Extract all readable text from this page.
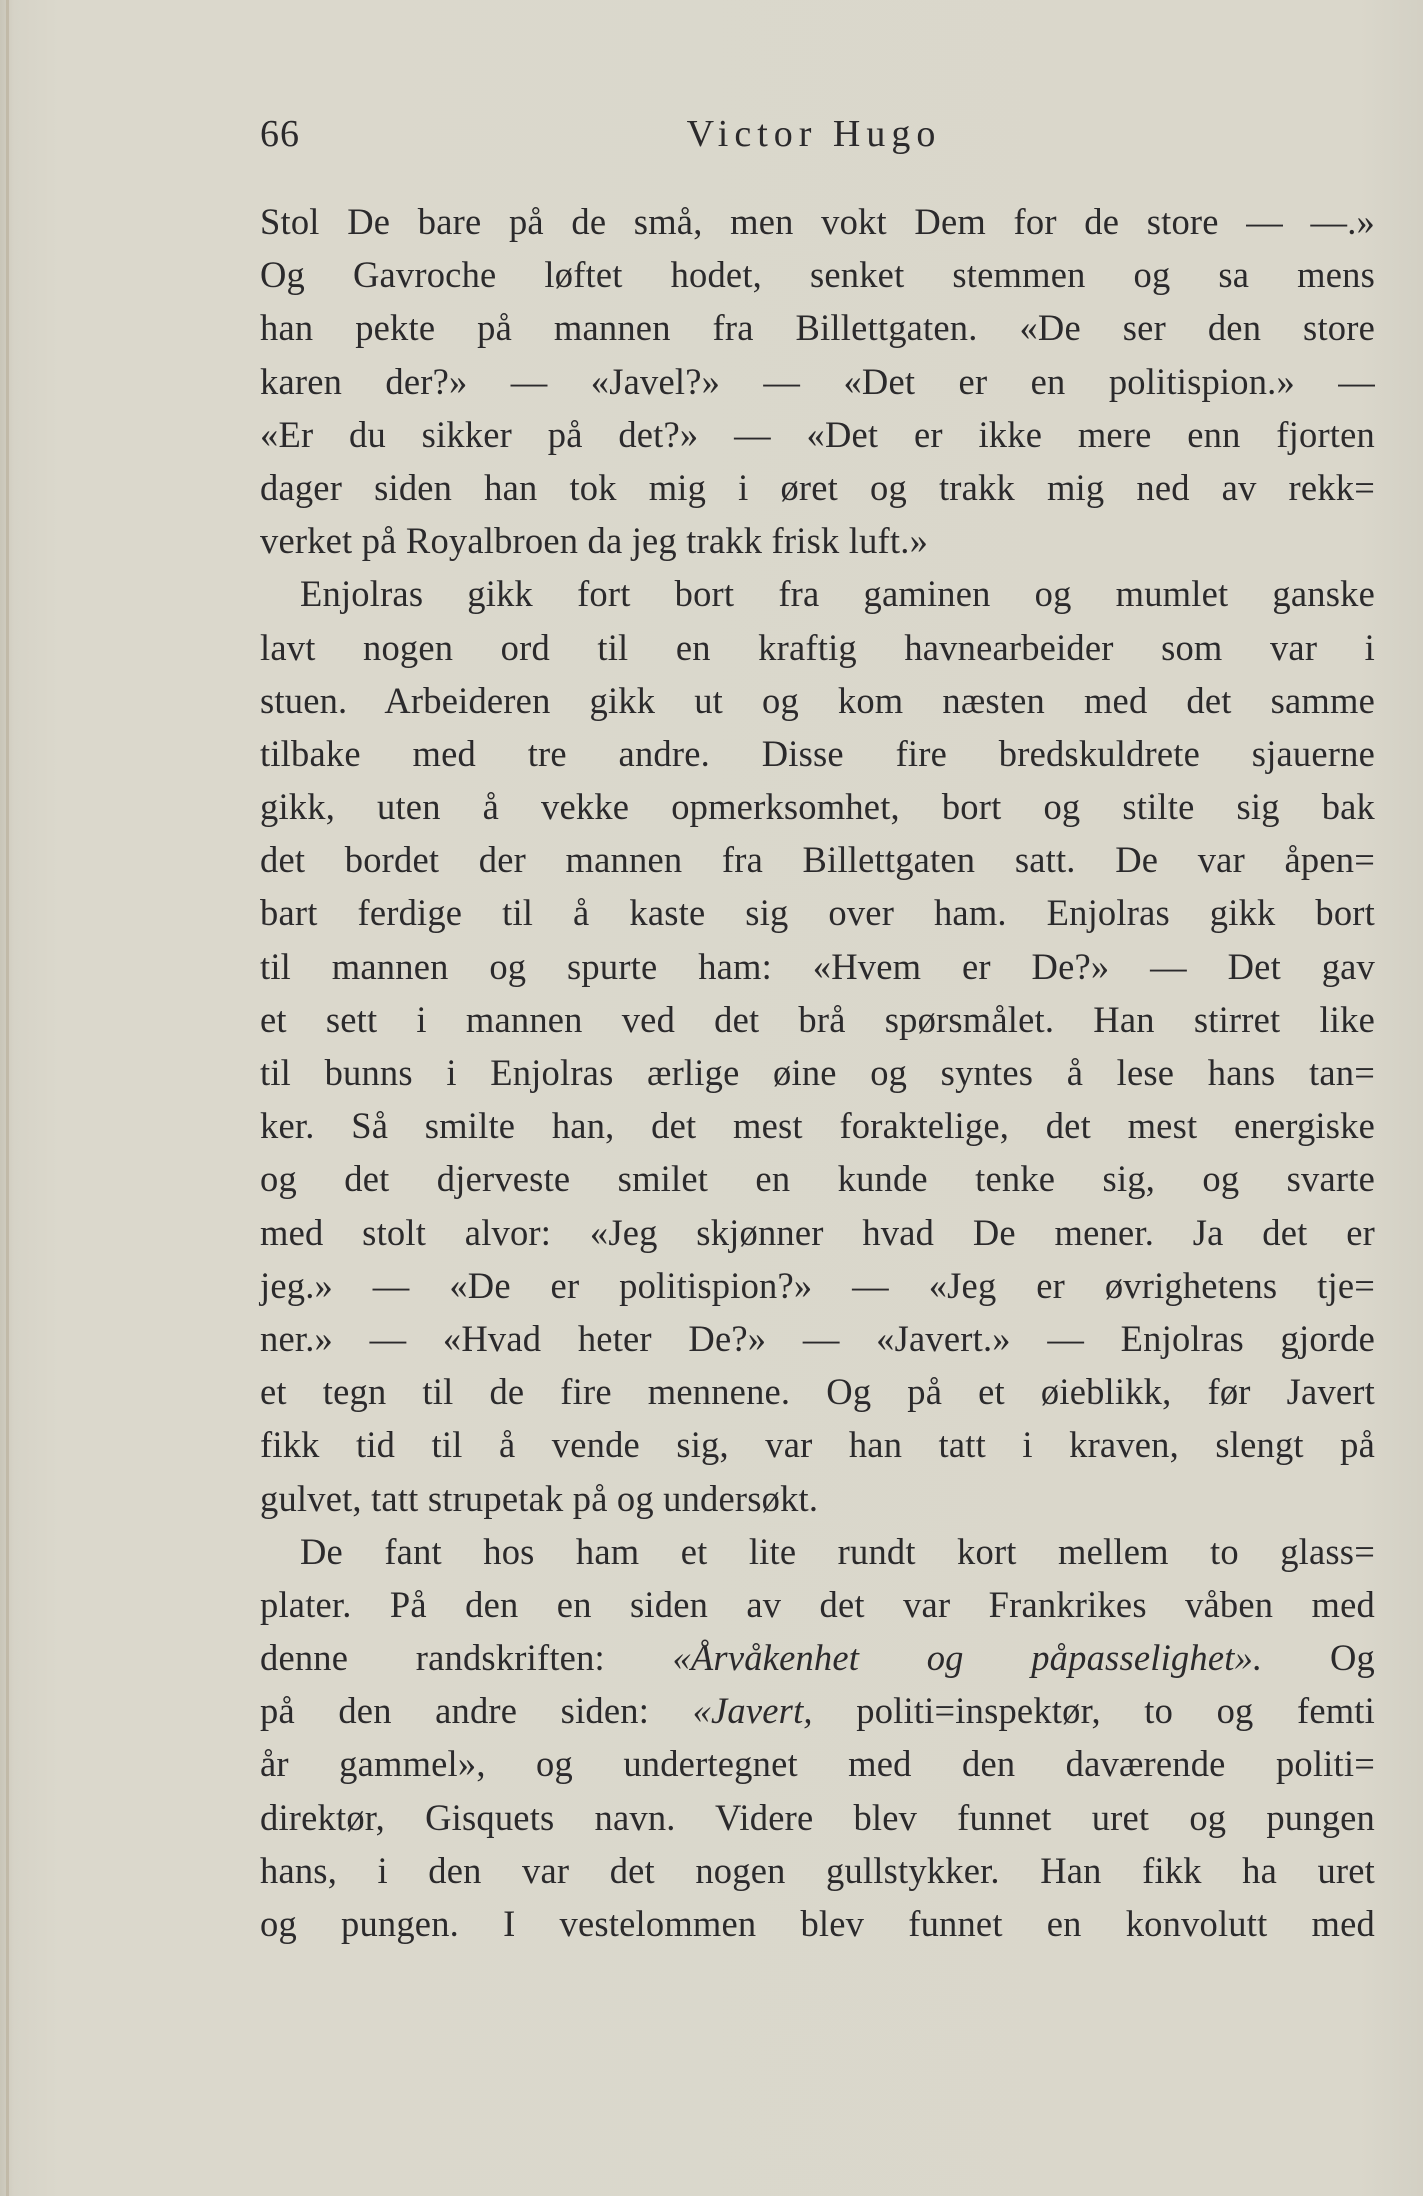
66	Victor Hugo
Stol De bare på de små, men vokt Dem for de store — —.»
Og Gavroche løftet hodet, senket stemmen og sa mens
han pekte på mannen fra Billettgaten. «De ser den store
karen der?» — «Javel?» — «Det er en politispion.» —
«Er du sikker på det?» — «Det er ikke mere enn fjorten
dager siden han tok mig i øret og trakk mig ned av rekk=
verket på Royalbroen da jeg trakk frisk luft.»
Enjolras gikk fort bort fra gaminen og mumlet ganske
lavt nogen ord til en kraftig havnearbeider som var i
stuen. Arbeideren gikk ut og kom næsten med det samme
tilbake med tre andre. Disse fire bredskuldrete sjauerne
gikk, uten å vekke opmerksomhet, bort og stilte sig bak
det bordet der mannen fra Billettgaten satt. De var åpen=
bart ferdige til å kaste sig over ham. Enjolras gikk bort
til mannen og spurte ham: «Hvem er De?» — Det gav
et sett i mannen ved det brå spørsmålet. Han stirret like
til bunns i Enjolras ærlige øine og syntes å lese hans tan=
ker. Så smilte han, det mest foraktelige, det mest energiske
og det djerveste smilet en kunde tenke sig, og svarte
med stolt alvor: «Jeg skjønner hvad De mener. Ja det er
jeg.» — «De er politispion?» — «Jeg er øvrighetens tje=
ner.» — «Hvad heter De?» — «Javert.» — Enjolras gjorde
et tegn til de fire mennene. Og på et øieblikk, før Javert
fikk tid til å vende sig, var han tatt i kraven, slengt på
gulvet, tatt strupetak på og undersøkt.
De fant hos ham et lite rundt kort mellem to glass=
plater. På den en siden av det var Frankrikes våben med
denne randskriften: «Årvåkenhet og påpasselighet». Og
på den andre siden: «Javert, politi=inspektør, to og femti
år gammel», og undertegnet med den daværende politi=
direktør, Gisquets navn. Videre blev funnet uret og pungen
hans, i den var det nogen gullstykker. Han fikk ha uret
og pungen. I vestelommen blev funnet en konvolutt med
